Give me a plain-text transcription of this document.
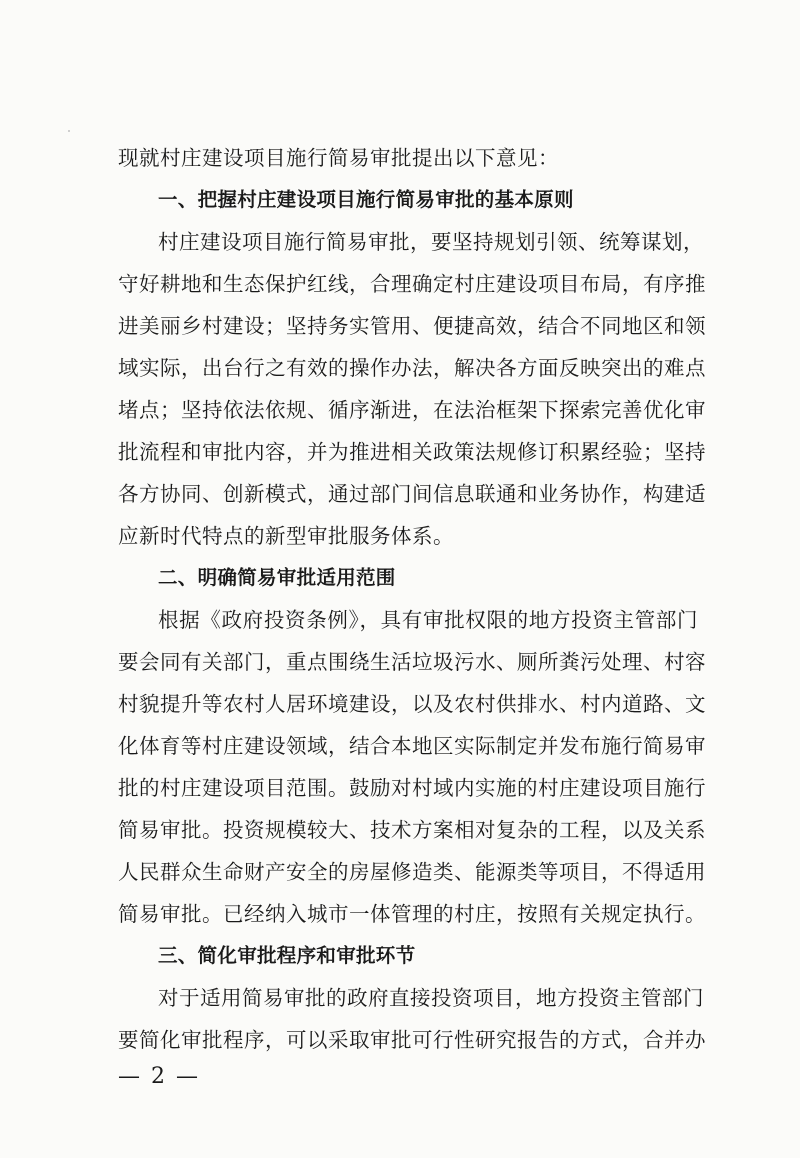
现就村庄建设项目施行简易审批提出以下意见：
一、把握村庄建设项目施行简易审批的基本原则
村庄建设项目施行简易审批，要坚持规划引领、统筹谋划，
守好耕地和生态保护红线，合理确定村庄建设项目布局，有序推
进美丽乡村建设；坚持务实管用、便捷高效，结合不同地区和领
域实际，出台行之有效的操作办法，解决各方面反映突出的难点
堵点；坚持依法依规、循序渐进，在法治框架下探索完善优化审
批流程和审批内容，并为推进相关政策法规修订积累经验；坚持
各方协同、创新模式，通过部门间信息联通和业务协作，构建适
应新时代特点的新型审批服务体系。
二、明确简易审批适用范围
根据《政府投资条例》，具有审批权限的地方投资主管部门
要会同有关部门，重点围绕生活垃圾污水、厕所粪污处理、村容
村貌提升等农村人居环境建设，以及农村供排水、村内道路、文
化体育等村庄建设领域，结合本地区实际制定并发布施行简易审
批的村庄建设项目范围。鼓励对村域内实施的村庄建设项目施行
简易审批。投资规模较大、技术方案相对复杂的工程，以及关系
人民群众生命财产安全的房屋修造类、能源类等项目，不得适用
简易审批。已经纳入城市一体管理的村庄，按照有关规定执行。
三、简化审批程序和审批环节
对于适用简易审批的政府直接投资项目，地方投资主管部门
要简化审批程序，可以采取审批可行性研究报告的方式，合并办
— 2 —
